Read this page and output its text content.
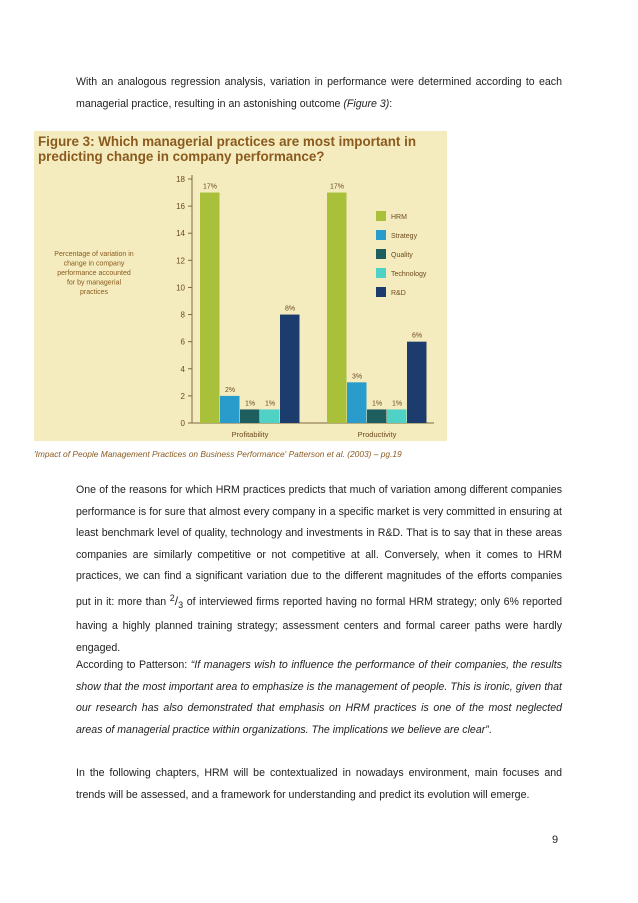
With an analogous regression analysis, variation in performance were determined according to each managerial practice, resulting in an astonishing outcome (Figure 3):

Figure 3: Which managerial practices are most important in predicting change in company performance?
0
2
4
6
8
10
12
14
16
18
Percentage of variation in
change in company
performance accounted
for by managerial
practices
17%	17%
2%
3%
1%	1%
1%	1%
8%
6%
Profitability	Productivity
HRM
Strategy
Quality
Technology
R&D
'Impact of People Management Practices on Business Performance' Patterson et al. (2003) – pg.19

One of the reasons for which HRM practices predicts that much of variation among different companies performance is for sure that almost every company in a specific market is very committed in ensuring at least benchmark level of quality, technology and investments in R&D. That is to say that in these areas companies are similarly competitive or not competitive at all. Conversely, when it comes to HRM practices, we can find a significant variation due to the different magnitudes of the efforts companies put in it: more than $^2/_3$ of interviewed firms reported having no formal HRM strategy; only 6% reported having a highly planned training strategy; assessment centers and formal career paths were hardly engaged.

According to Patterson: “If managers wish to influence the performance of their companies, the results show that the most important area to emphasize is the management of people. This is ironic, given that our research has also demonstrated that emphasis on HRM practices is one of the most neglected areas of managerial practice within organizations. The implications we believe are clear”.

In the following chapters, HRM will be contextualized in nowadays environment, main focuses and trends will be assessed, and a framework for understanding and predict its evolution will emerge.

9
